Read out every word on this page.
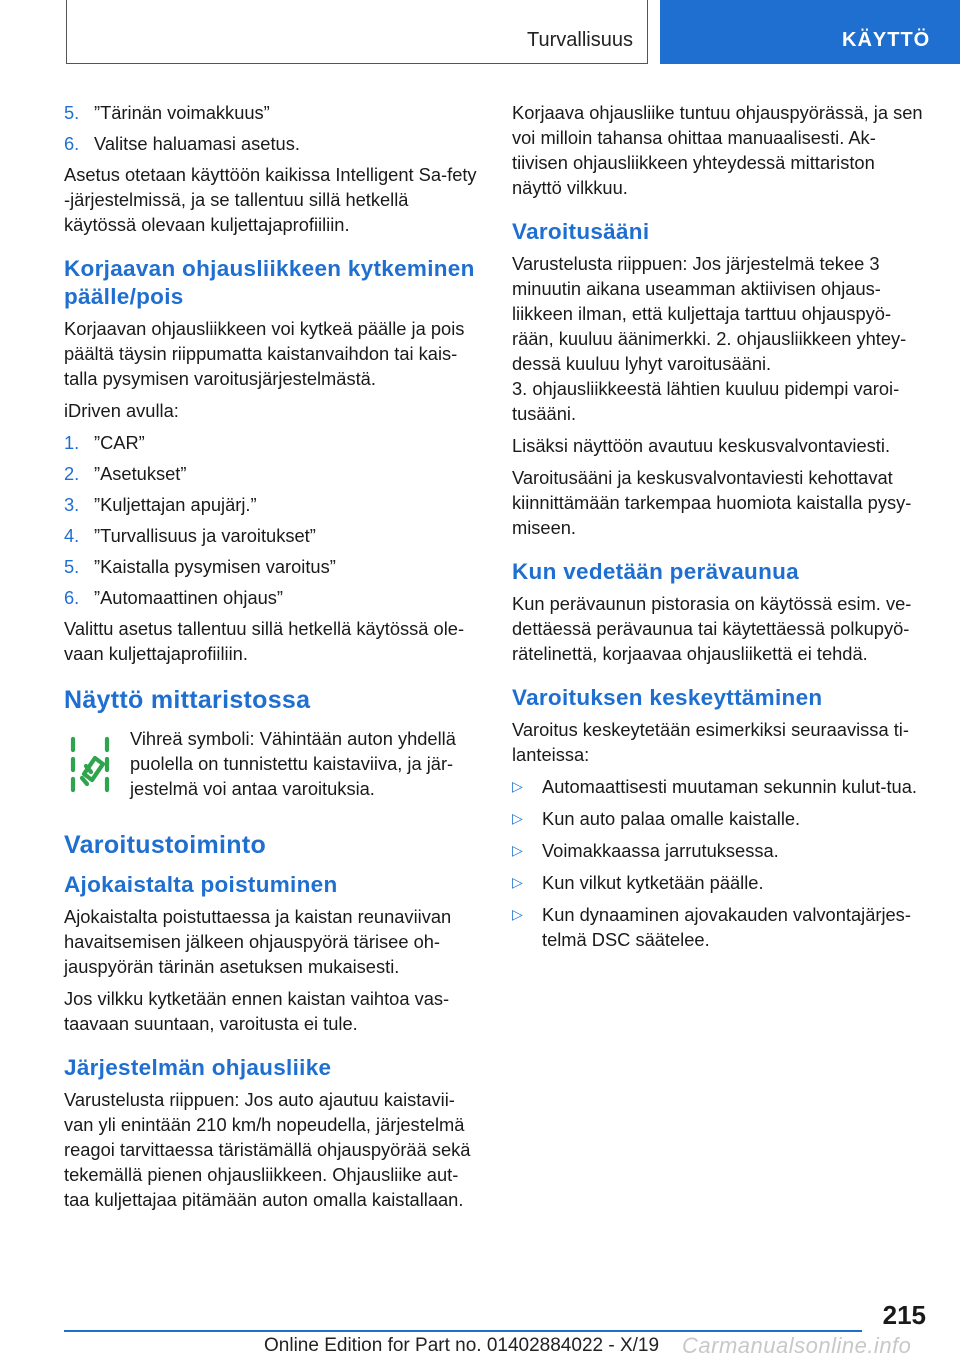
Turvallisuus	KÄYTTÖ
5. ”Tärinän voimakkuus”
6. Valitse haluamasi asetus.

Asetus otetaan käyttöön kaikissa Intelligent Sa‐fety ‐järjestelmissä, ja se tallentuu sillä hetkellä käytössä olevaan kuljettajaprofiiliin.

Korjaavan ohjausliikkeen kytkeminen päälle/pois

Korjaavan ohjausliikkeen voi kytkeä päälle ja pois päältä täysin riippumatta kaistanvaihdon tai kais‐talla pysymisen varoitusjärjestelmästä.

iDriven avulla:

1. ”CAR”
2. ”Asetukset”
3. ”Kuljettajan apujärj.”
4. ”Turvallisuus ja varoitukset”
5. ”Kaistalla pysymisen varoitus”
6. ”Automaattinen ohjaus”

Valittu asetus tallentuu sillä hetkellä käytössä ole‐vaan kuljettajaprofiiliin.

Näyttö mittaristossa
Vihreä symboli: Vähintään auton yhdellä puolella on tunnistettu kaistaviiva, ja jär‐jestelmä voi antaa varoituksia.
Varoitustoiminto
Ajokaistalta poistuminen

Ajokaistalta poistuttaessa ja kaistan reunaviivan havaitsemisen jälkeen ohjauspyörä tärisee oh‐jauspyörän tärinän asetuksen mukaisesti.

Jos vilkku kytketään ennen kaistan vaihtoa vas‐taavaan suuntaan, varoitusta ei tule.

Järjestelmän ohjausliike

Varustelusta riippuen: Jos auto ajautuu kaistavii‐van yli enintään 210 km/h nopeudella, järjestelmä reagoi tarvittaessa täristämällä ohjauspyörää sekä tekemällä pienen ohjausliikkeen. Ohjausliike aut‐taa kuljettajaa pitämään auton omalla kaistallaan.

Korjaava ohjausliike tuntuu ohjauspyörässä, ja sen voi milloin tahansa ohittaa manuaalisesti. Ak‐tiivisen ohjausliikkeen yhteydessä mittariston näyttö vilkkuu.

Varoitusääni

Varustelusta riippuen: Jos järjestelmä tekee 3 minuutin aikana useamman aktiivisen ohjaus‐liikkeen ilman, että kuljettaja tarttuu ohjauspyö‐rään, kuuluu äänimerkki. 2. ohjausliikkeen yhtey‐dessä kuuluu lyhyt varoitusääni.

3. ohjausliikkeestä lähtien kuuluu pidempi varoi‐tusääni.

Lisäksi näyttöön avautuu keskusvalvontaviesti.

Varoitusääni ja keskusvalvontaviesti kehottavat kiinnittämään tarkempaa huomiota kaistalla pysy‐miseen.

Kun vedetään perävaunua

Kun perävaunun pistorasia on käytössä esim. ve‐dettäessä perävaunua tai käytettäessä polkupyö‐rätelinettä, korjaavaa ohjausliikettä ei tehdä.

Varoituksen keskeyttäminen

Varoitus keskeytetään esimerkiksi seuraavissa ti‐lanteissa:

▷ Automaattisesti muutaman sekunnin kulut‐tua.
▷ Kun auto palaa omalle kaistalle.
▷ Voimakkaassa jarrutuksessa.
▷ Kun vilkut kytketään päälle.
▷ Kun dynaaminen ajovakauden valvontajärjes‐telmä DSC säätelee.
215
Online Edition for Part no. 01402884022 - X/19 Carmanualsonline.info
